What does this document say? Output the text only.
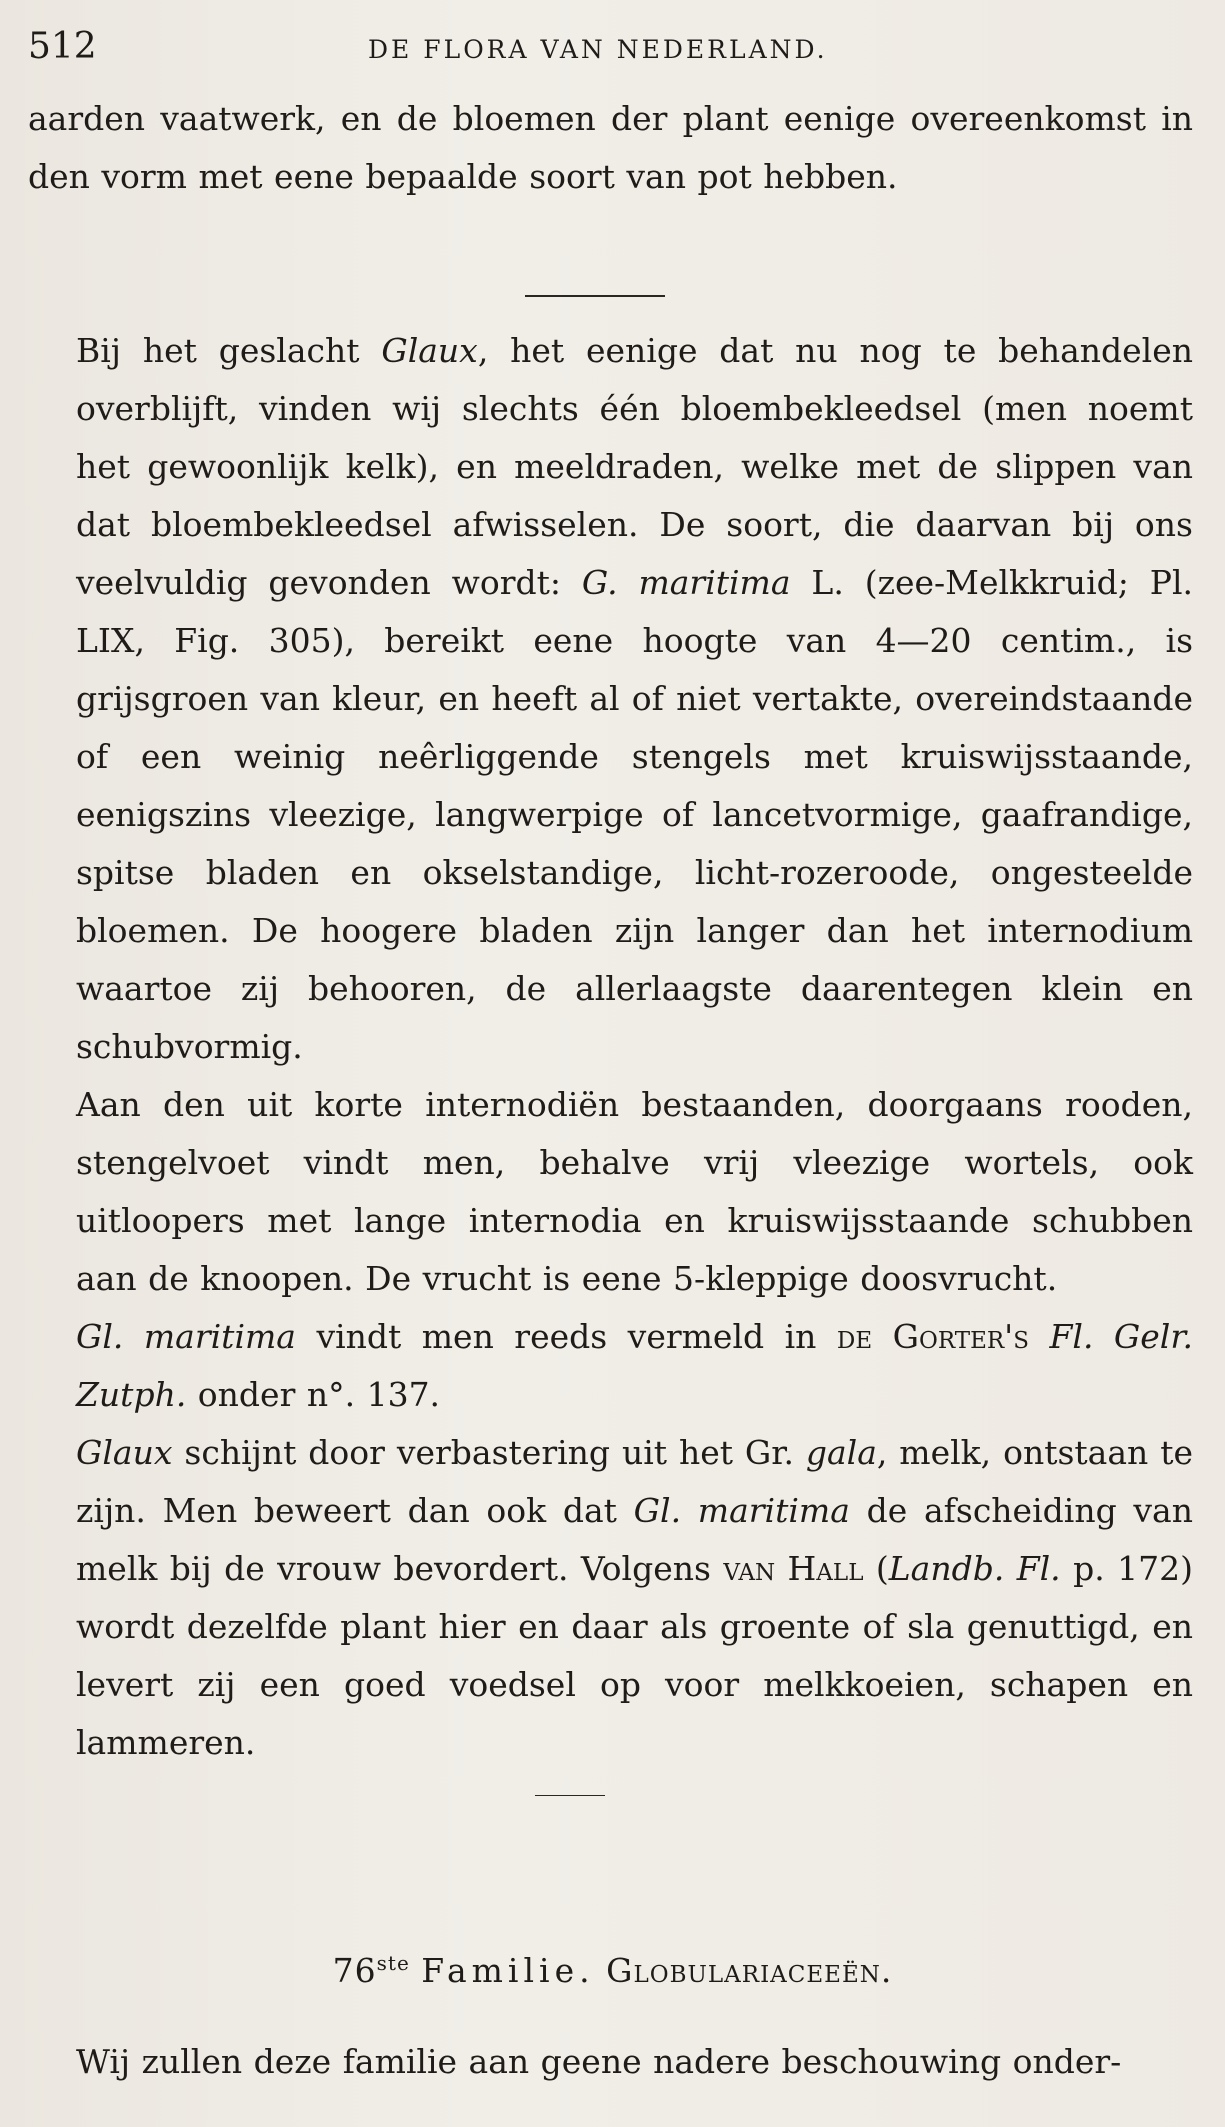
512	DE FLORA VAN NEDERLAND.

aarden vaatwerk, en de bloemen der plant eenige overeenkomst in den vorm met eene bepaalde soort van pot hebben.

Bij het geslacht Glaux, het eenige dat nu nog te behandelen overblijft, vinden wij slechts één bloembekleedsel (men noemt het gewoonlijk kelk), en meeldraden, welke met de slippen van dat bloembekleedsel afwisselen. De soort, die daarvan bij ons veelvuldig gevonden wordt: G. maritima L. (zee-Melkkruid; Pl. LIX, Fig. 305), bereikt eene hoogte van 4—20 centim., is grijsgroen van kleur, en heeft al of niet vertakte, overeindstaande of een weinig neêrliggende stengels met kruiswijsstaande, eenigszins vleezige, langwerpige of lancetvormige, gaafrandige, spitse bladen en okselstandige, licht-rozeroode, ongesteelde bloemen. De hoogere bladen zijn langer dan het internodium waartoe zij behooren, de allerlaagste daarentegen klein en schubvormig.

Aan den uit korte internodiën bestaanden, doorgaans rooden, stengelvoet vindt men, behalve vrij vleezige wortels, ook uitloopers met lange internodia en kruiswijsstaande schubben aan de knoopen. De vrucht is eene 5-kleppige doosvrucht.

Gl. maritima vindt men reeds vermeld in de Gorter's Fl. Gelr. Zutph. onder n°. 137.

Glaux schijnt door verbastering uit het Gr. gala, melk, ontstaan te zijn. Men beweert dan ook dat Gl. maritima de afscheiding van melk bij de vrouw bevordert. Volgens van Hall (Landb. Fl. p. 172) wordt dezelfde plant hier en daar als groente of sla genuttigd, en levert zij een goed voedsel op voor melkkoeien, schapen en lammeren.

76ste Familie. Globulariaceeën.

Wij zullen deze familie aan geene nadere beschouwing onder-
